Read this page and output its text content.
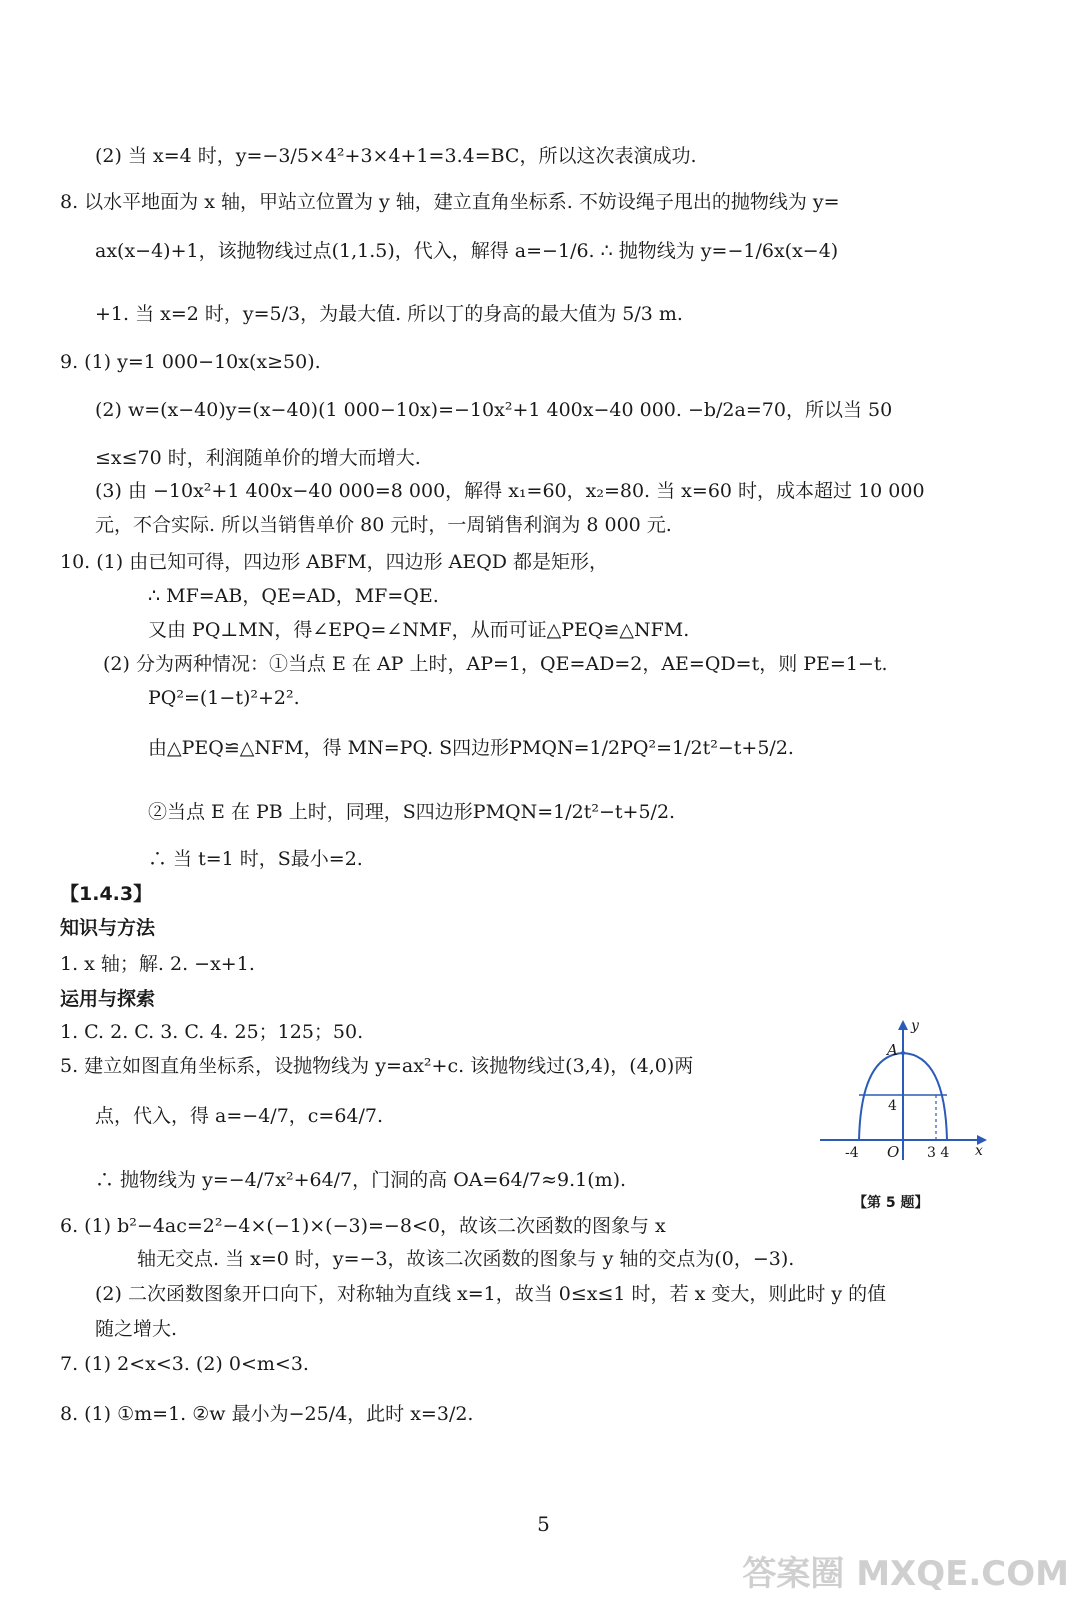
(2) 当 x=4 时，y=−3/5×4²+3×4+1=3.4=BC，所以这次表演成功.
8. 以水平地面为 x 轴，甲站立位置为 y 轴，建立直角坐标系. 不妨设绳子甩出的抛物线为 y=
ax(x−4)+1，该抛物线过点(1,1.5)，代入，解得 a=−1/6. ∴ 抛物线为 y=−1/6x(x−4)
+1. 当 x=2 时，y=5/3，为最大值. 所以丁的身高的最大值为 5/3 m.
9. (1) y=1 000−10x(x≥50).
(2) w=(x−40)y=(x−40)(1 000−10x)=−10x²+1 400x−40 000. −b/2a=70，所以当 50
≤x≤70 时，利润随单价的增大而增大.
(3) 由 −10x²+1 400x−40 000=8 000，解得 x₁=60，x₂=80. 当 x=60 时，成本超过 10 000
元，不合实际. 所以当销售单价 80 元时，一周销售利润为 8 000 元.
10. (1) 由已知可得，四边形 ABFM，四边形 AEQD 都是矩形，
∴ MF=AB，QE=AD，MF=QE.
又由 PQ⊥MN，得∠EPQ=∠NMF，从而可证△PEQ≌△NFM.
(2) 分为两种情况：①当点 E 在 AP 上时，AP=1，QE=AD=2，AE=QD=t，则 PE=1−t.
PQ²=(1−t)²+2².
由△PEQ≌△NFM，得 MN=PQ. S四边形PMQN=1/2PQ²=1/2t²−t+5/2.
②当点 E 在 PB 上时，同理，S四边形PMQN=1/2t²−t+5/2.
∴ 当 t=1 时，S最小=2.
【1.4.3】
知识与方法
1. x 轴；解. 2. −x+1.
运用与探索
1. C. 2. C. 3. C. 4. 25；125；50.
5. 建立如图直角坐标系，设抛物线为 y=ax²+c. 该抛物线过(3,4)，(4,0)两
点，代入，得 a=−4/7，c=64/7.
∴ 抛物线为 y=−4/7x²+64/7，门洞的高 OA=64/7≈9.1(m).
6. (1) b²−4ac=2²−4×(−1)×(−3)=−8<0，故该二次函数的图象与 x
轴无交点. 当 x=0 时，y=−3，故该二次函数的图象与 y 轴的交点为(0，−3).
(2) 二次函数图象开口向下，对称轴为直线 x=1，故当 0≤x≤1 时，若 x 变大，则此时 y 的值
随之增大.
7. (1) 2<x<3. (2) 0<m<3.
8. (1) ①m=1. ②w 最小为−25/4，此时 x=3/2.
y
x
A
4
O
-4	3 4
【第 5 题】
5
答案圈 MXQE.COM
